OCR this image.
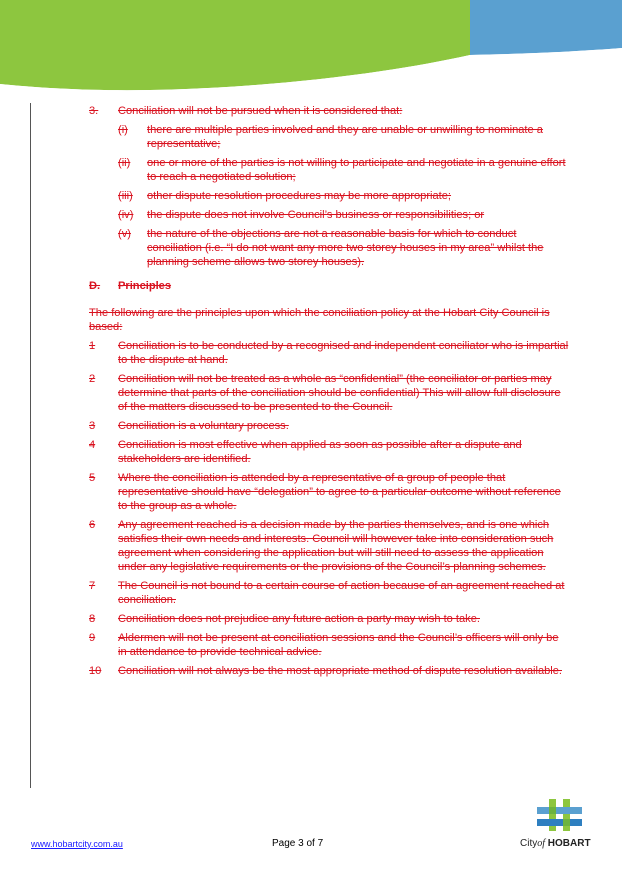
3. Conciliation will not be pursued when it is considered that:
(i) there are multiple parties involved and they are unable or unwilling to nominate a representative;
(ii) one or more of the parties is not willing to participate and negotiate in a genuine effort to reach a negotiated solution;
(iii) other dispute resolution procedures may be more appropriate;
(iv) the dispute does not involve Council’s business or responsibilities; or
(v) the nature of the objections are not a reasonable basis for which to conduct conciliation (i.e. “I do not want any more two storey houses in my area” whilst the planning scheme allows two storey houses).
D. Principles
The following are the principles upon which the conciliation policy at the Hobart City Council is based:
1 Conciliation is to be conducted by a recognised and independent conciliator who is impartial to the dispute at hand.
2 Conciliation will not be treated as a whole as “confidential” (the conciliator or parties may determine that parts of the conciliation should be confidential) This will allow full disclosure of the matters discussed to be presented to the Council.
3 Conciliation is a voluntary process.
4 Conciliation is most effective when applied as soon as possible after a dispute and stakeholders are identified.
5 Where the conciliation is attended by a representative of a group of people that representative should have “delegation” to agree to a particular outcome without reference to the group as a whole.
6 Any agreement reached is a decision made by the parties themselves, and is one which satisfies their own needs and interests. Council will however take into consideration such agreement when considering the application but will still need to assess the application under any legislative requirements or the provisions of the Council’s planning schemes.
7 The Council is not bound to a certain course of action because of an agreement reached at conciliation.
8 Conciliation does not prejudice any future action a party may wish to take.
9 Aldermen will not be present at conciliation sessions and the Council’s officers will only be in attendance to provide technical advice.
10 Conciliation will not always be the most appropriate method of dispute resolution available.
www.hobartcity.com.au	Page 3 of 7	Cityof HOBART
